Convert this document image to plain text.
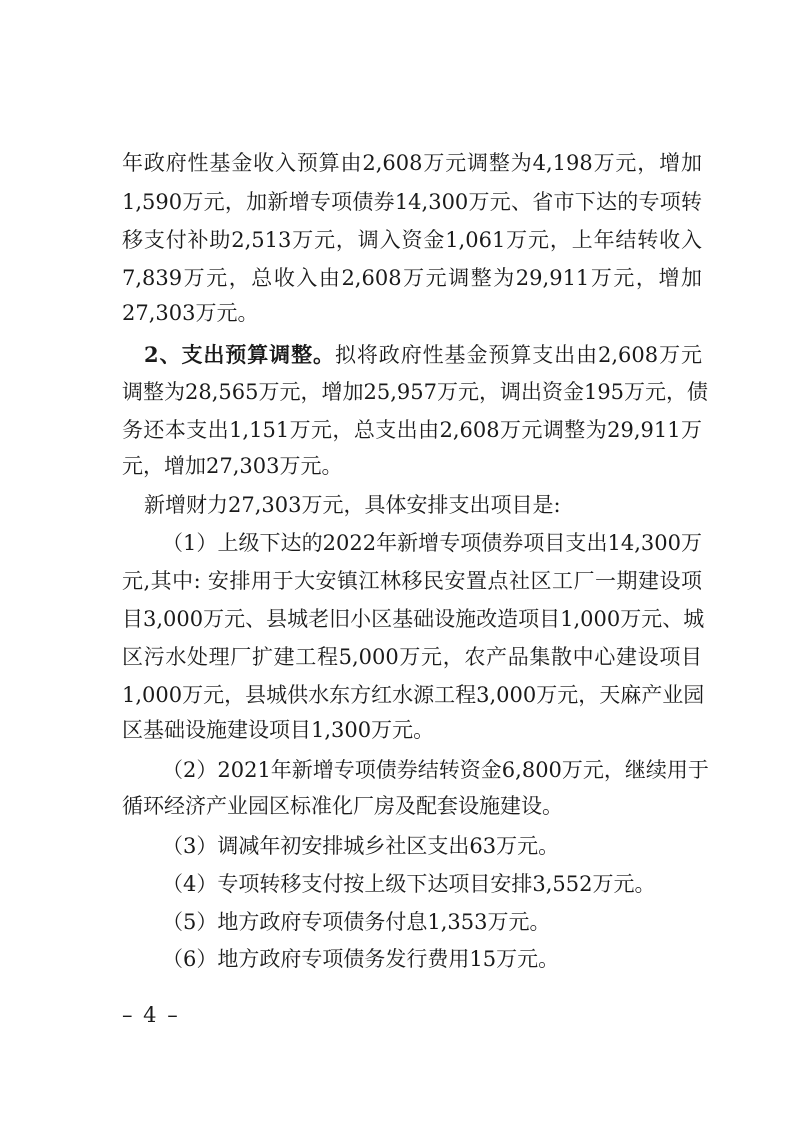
年政府性基金收入预算由2,608万元调整为4,198万元，增加
1,590万元，加新增专项债券14,300万元、省市下达的专项转
移支付补助2,513万元，调入资金1,061万元，上年结转收入
7,839万元，总收入由2,608万元调整为29,911万元，增加
27,303万元。
2、支出预算调整。拟将政府性基金预算支出由2,608万元
调整为28,565万元，增加25,957万元，调出资金195万元，债
务还本支出1,151万元，总支出由2,608万元调整为29,911万
元，增加27,303万元。
新增财力27,303万元，具体安排支出项目是:
（1）上级下达的2022年新增专项债券项目支出14,300万
元,其中: 安排用于大安镇江林移民安置点社区工厂一期建设项
目3,000万元、县城老旧小区基础设施改造项目1,000万元、城
区污水处理厂扩建工程5,000万元，农产品集散中心建设项目
1,000万元，县城供水东方红水源工程3,000万元，天麻产业园
区基础设施建设项目1,300万元。
（2）2021年新增专项债券结转资金6,800万元，继续用于
循环经济产业园区标准化厂房及配套设施建设。
（3）调减年初安排城乡社区支出63万元。
（4）专项转移支付按上级下达项目安排3,552万元。
（5）地方政府专项债务付息1,353万元。
（6）地方政府专项债务发行费用15万元。
– 4 –
